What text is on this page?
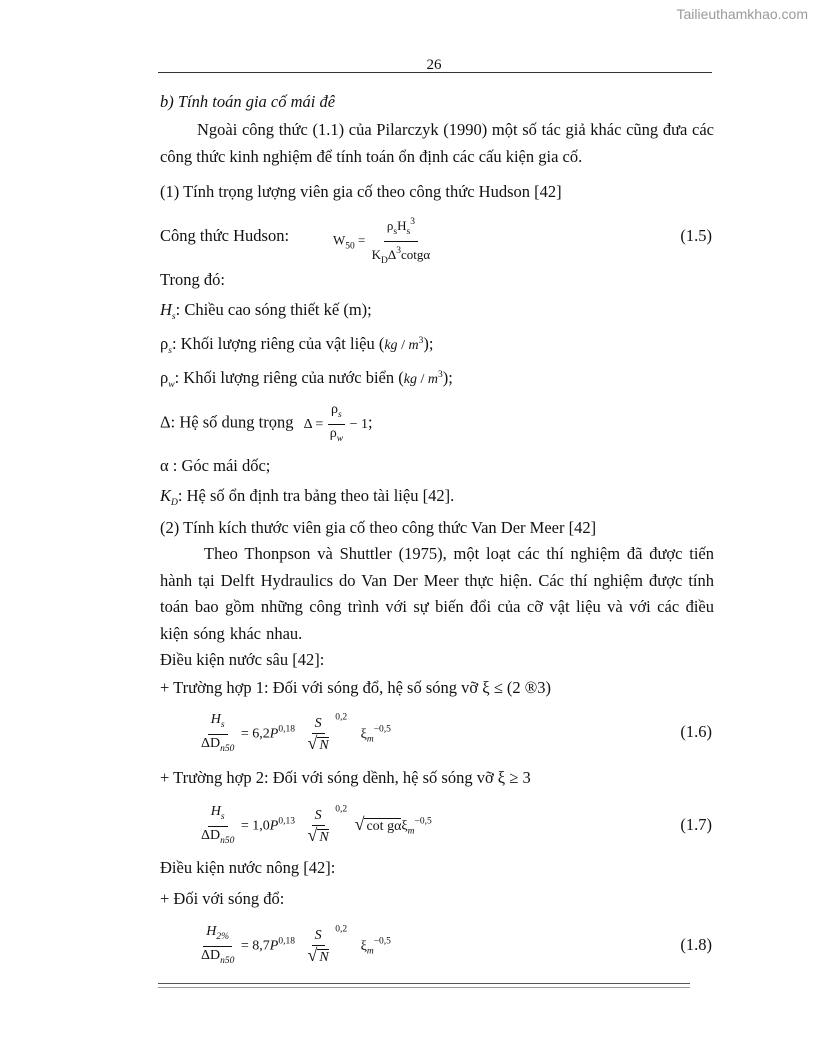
Tailieuthamkhao.com
26
b) Tính toán gia cố mái đê
Ngoài công thức (1.1) của Pilarczyk (1990) một số tác giả khác cũng đưa các công thức kinh nghiệm để tính toán ổn định các cấu kiện gia cố.
(1) Tính trọng lượng viên gia cố theo công thức Hudson [42]
Công thức Hudson:	$W_{50} = \frac{\rho_sH_s^3}{K_D\Delta^3\cot g\alpha}$	(1.5)
Trong đó:
$H_s$: Chiều cao sóng thiết kế (m);
$\rho_s$: Khối lượng riêng của vật liệu $(kg / m^3)$;
$\rho_w$: Khối lượng riêng của nước biển $(kg / m^3)$;
Δ: Hệ số dung trọng $\Delta = \frac{\rho_s}{\rho_w} - 1$;
α : Góc mái dốc;
$K_D$: Hệ số ổn định tra bảng theo tài liệu [42].
(2) Tính kích thước viên gia cố theo công thức Van Der Meer [42]
Theo Thonpson và Shuttler (1975), một loạt các thí nghiệm đã được tiến hành tại Delft Hydraulics do Van Der Meer thực hiện. Các thí nghiệm được tính toán bao gồm những công trình với sự biến đổi của cỡ vật liệu và với các điều kiện sóng khác nhau.
Điều kiện nước sâu [42]:
+ Trường hợp 1: Đối với sóng đổ, hệ số sóng vỡ ξ ≤ (2 ®3)
$\frac{H_s}{\Delta D_{n50}} = 6,2P^{0,18} \frac{S}{√ N} ^{0,2}$ $\xi_m^{-0,5}$	(1.6)
+ Trường hợp 2: Đối với sóng dềnh, hệ số sóng vỡ ξ ≥ 3
$\frac{H_s}{\Delta D_{n50}} = 1,0P^{0,13} \frac{S}{√ N} ^{0,2}$ √ cot gαξ$_m^{-0,5}$	(1.7)
Điều kiện nước nông [42]:
+ Đối với sóng đổ:
$\frac{H_{2\%}}{\Delta D_{n50}} = 8,7P^{0,18} \frac{S}{√ N} ^{0,2}$ $\xi_m^{-0,5}$	(1.8)
